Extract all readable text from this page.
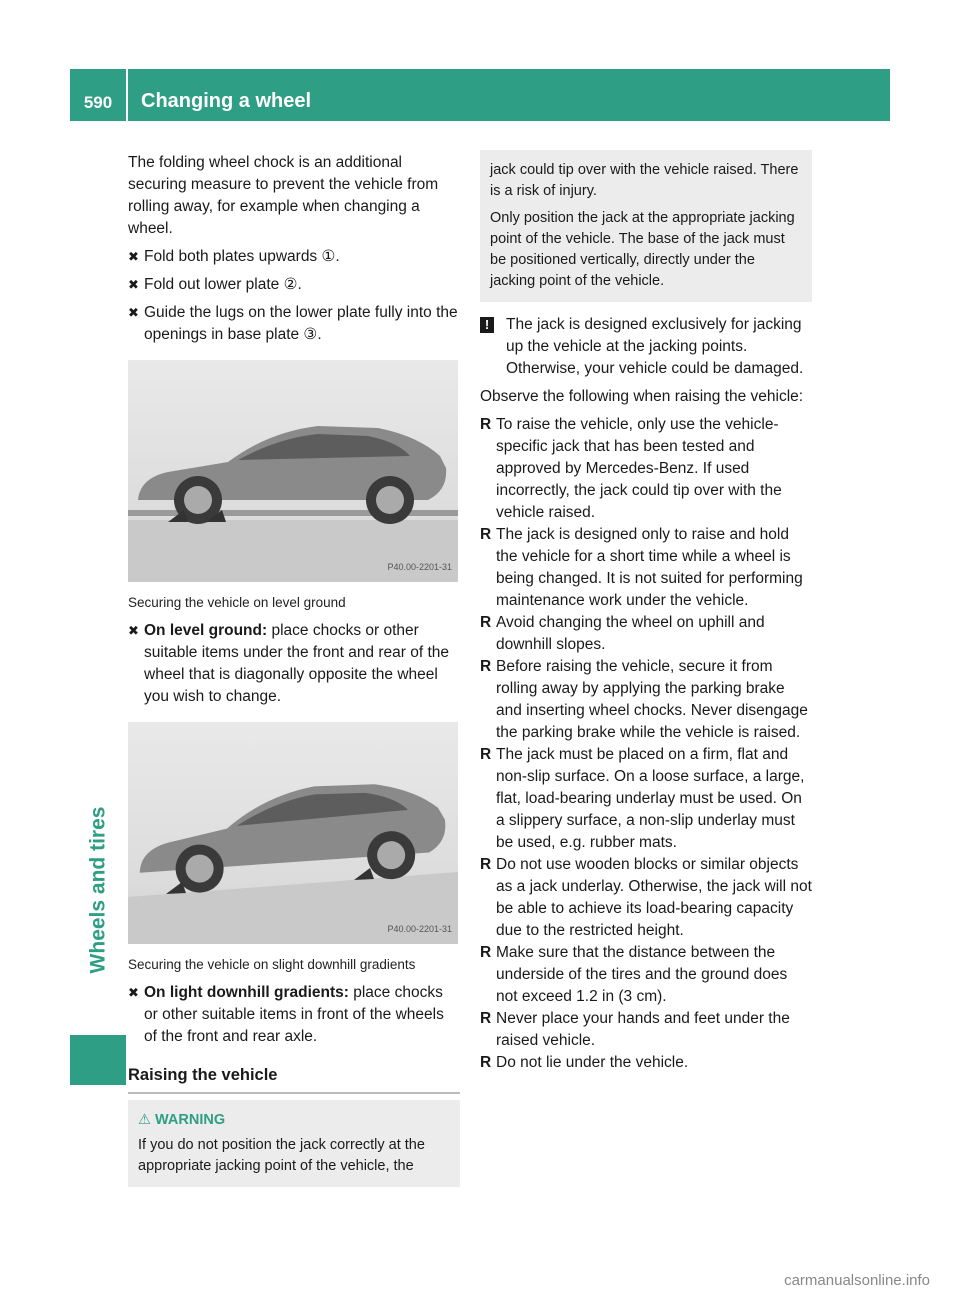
590	Changing a wheel
Wheels and tires

The folding wheel chock is an additional securing measure to prevent the vehicle from rolling away, for example when changing a wheel.

✖ Fold both plates upwards ①.
✖ Fold out lower plate ②.
✖ Guide the lugs on the lower plate fully into the openings in base plate ③.
P40.00-2201-31

Securing the vehicle on level ground

✖ On level ground: place chocks or other suitable items under the front and rear of the wheel that is diagonally opposite the wheel you wish to change.
P40.00-2201-31

Securing the vehicle on slight downhill gradients

✖ On light downhill gradients: place chocks or other suitable items in front of the wheels of the front and rear axle.
Raising the vehicle
⚠ WARNING
If you do not position the jack correctly at the appropriate jacking point of the vehicle, the

jack could tip over with the vehicle raised. There is a risk of injury.

Only position the jack at the appropriate jacking point of the vehicle. The base of the jack must be positioned vertically, directly under the jacking point of the vehicle.

!	The jack is designed exclusively for jacking up the vehicle at the jacking points. Otherwise, your vehicle could be damaged.

Observe the following when raising the vehicle:

R To raise the vehicle, only use the vehicle-specific jack that has been tested and approved by Mercedes-Benz. If used incorrectly, the jack could tip over with the vehicle raised.
R The jack is designed only to raise and hold the vehicle for a short time while a wheel is being changed. It is not suited for performing maintenance work under the vehicle.
R Avoid changing the wheel on uphill and downhill slopes.
R Before raising the vehicle, secure it from rolling away by applying the parking brake and inserting wheel chocks. Never disengage the parking brake while the vehicle is raised.
R The jack must be placed on a firm, flat and non-slip surface. On a loose surface, a large, flat, load-bearing underlay must be used. On a slippery surface, a non-slip underlay must be used, e.g. rubber mats.
R Do not use wooden blocks or similar objects as a jack underlay. Otherwise, the jack will not be able to achieve its load-bearing capacity due to the restricted height.
R Make sure that the distance between the underside of the tires and the ground does not exceed 1.2 in (3 cm).
R Never place your hands and feet under the raised vehicle.
R Do not lie under the vehicle.
carmanualsonline.info
